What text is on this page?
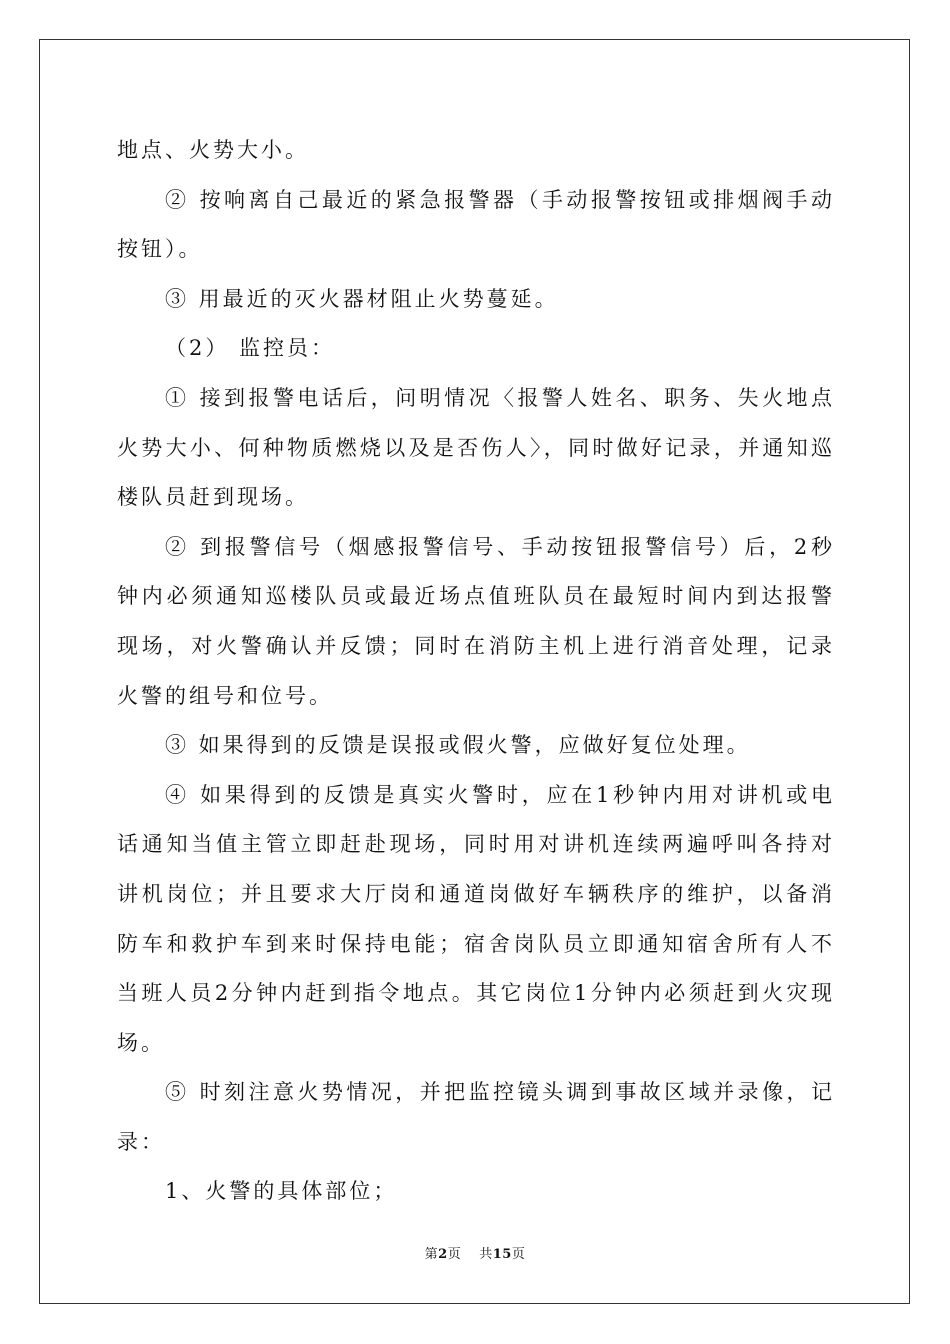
地点、火势大小。

② 按响离自己最近的紧急报警器（手动报警按钮或排烟阀手动按钮）。

③ 用最近的灭火器材阻止火势蔓延。

（2） 监控员：

① 接到报警电话后，问明情况〈报警人姓名、职务、失火地点火势大小、何种物质燃烧以及是否伤人〉，同时做好记录，并通知巡楼队员赶到现场。

② 到报警信号（烟感报警信号、手动按钮报警信号）后，2秒钟内必须通知巡楼队员或最近场点值班队员在最短时间内到达报警现场，对火警确认并反馈；同时在消防主机上进行消音处理，记录火警的组号和位号。

③ 如果得到的反馈是误报或假火警，应做好复位处理。

④ 如果得到的反馈是真实火警时，应在1秒钟内用对讲机或电话通知当值主管立即赶赴现场，同时用对讲机连续两遍呼叫各持对讲机岗位；并且要求大厅岗和通道岗做好车辆秩序的维护，以备消防车和救护车到来时保持电能；宿舍岗队员立即通知宿舍所有人不当班人员2分钟内赶到指令地点。其它岗位1分钟内必须赶到火灾现场。

⑤ 时刻注意火势情况，并把监控镜头调到事故区域并录像，记录：

1、火警的具体部位；

第2页 共15页
